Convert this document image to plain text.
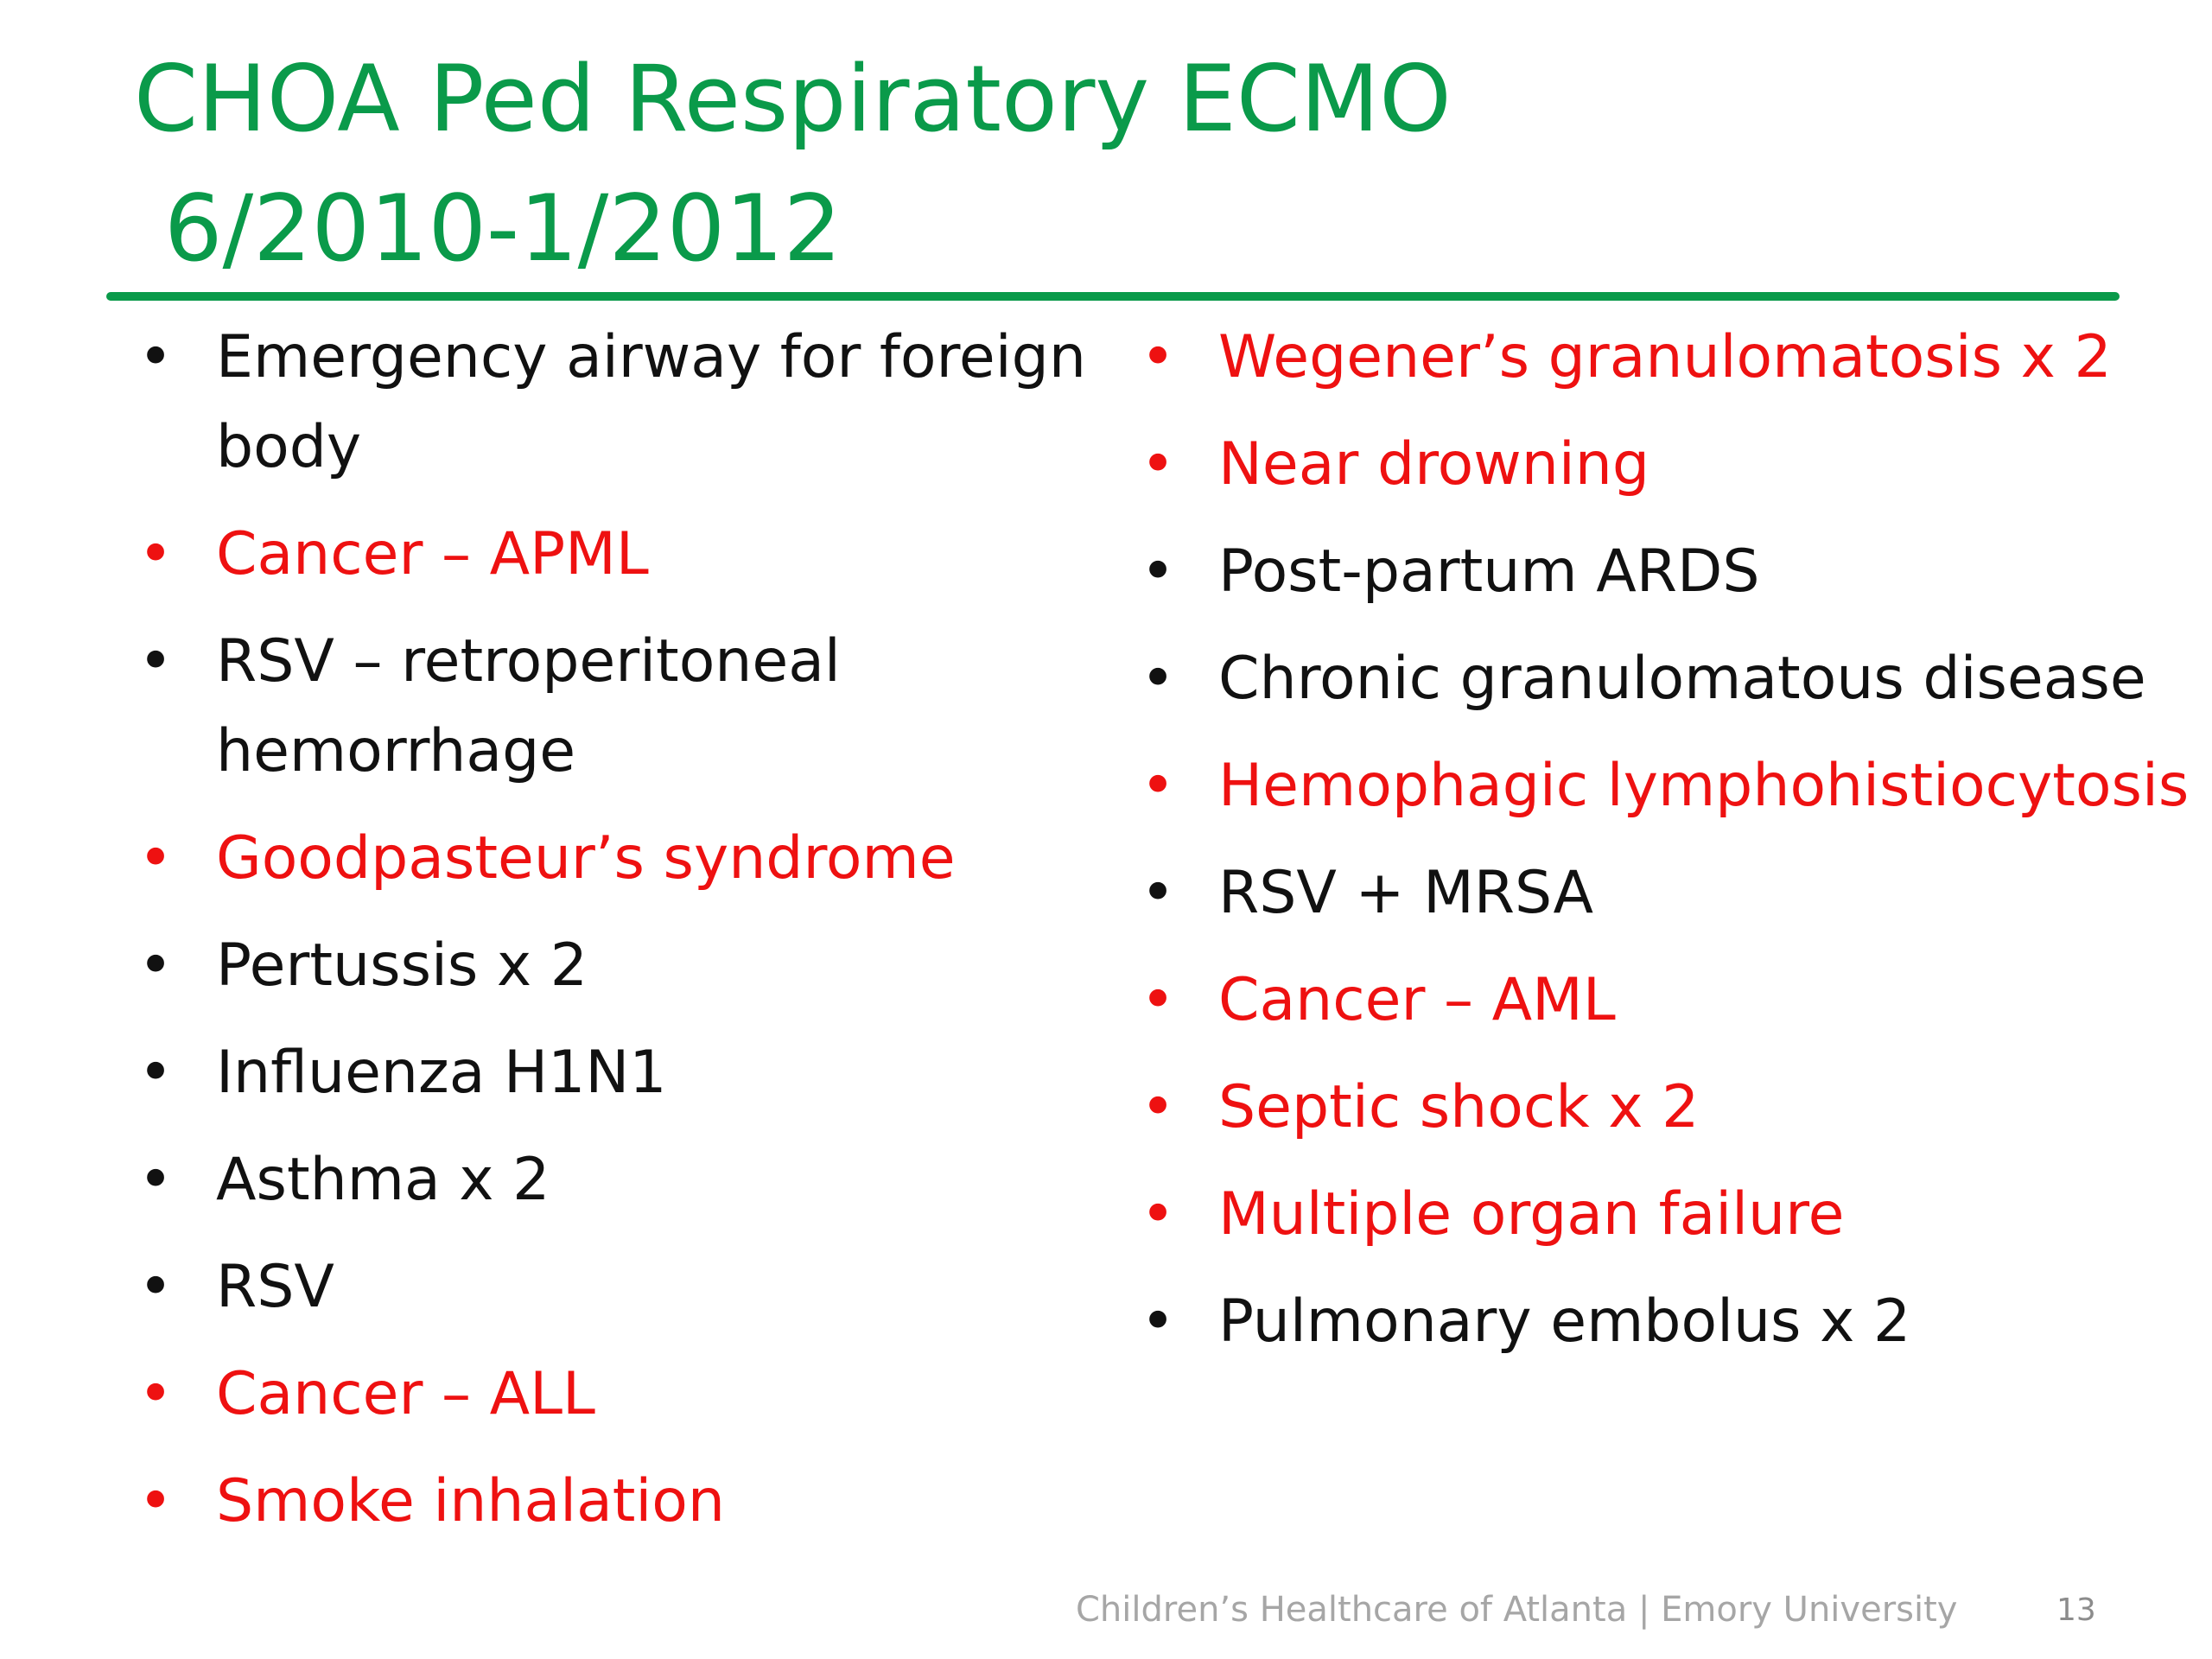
CHOA Ped Respiratory ECMO
6/2010-1/2012
• Emergency airway for foreign body
• Cancer – APML
• RSV – retroperitoneal hemorrhage
• Goodpasteur’s syndrome
• Pertussis x 2
• Influenza H1N1
• Asthma x 2
• RSV
• Cancer – ALL
• Smoke inhalation
• Wegener’s granulomatosis x 2
• Near drowning
• Post-partum ARDS
• Chronic granulomatous disease
• Hemophagic lymphohistiocytosis
• RSV + MRSA
• Cancer – AML
• Septic shock x 2
• Multiple organ failure
• Pulmonary embolus x 2
Children’s Healthcare of Atlanta | Emory University	13
